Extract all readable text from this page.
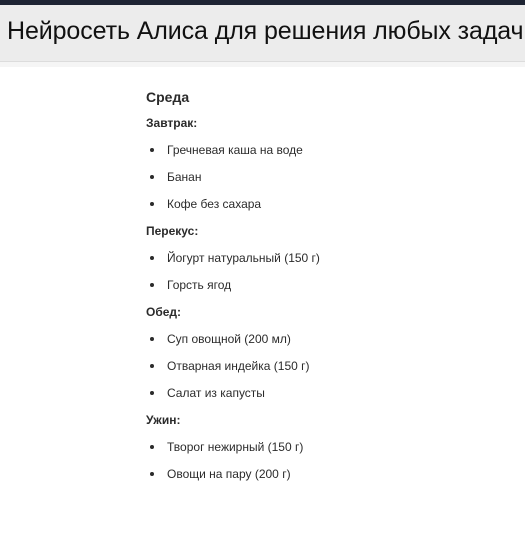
Нейросеть Алиса для решения любых задач
Среда
Завтрак:
Гречневая каша на воде
Банан
Кофе без сахара
Перекус:
Йогурт натуральный (150 г)
Горсть ягод
Обед:
Суп овощной (200 мл)
Отварная индейка (150 г)
Салат из капусты
Ужин:
Творог нежирный (150 г)
Овощи на пару (200 г)
